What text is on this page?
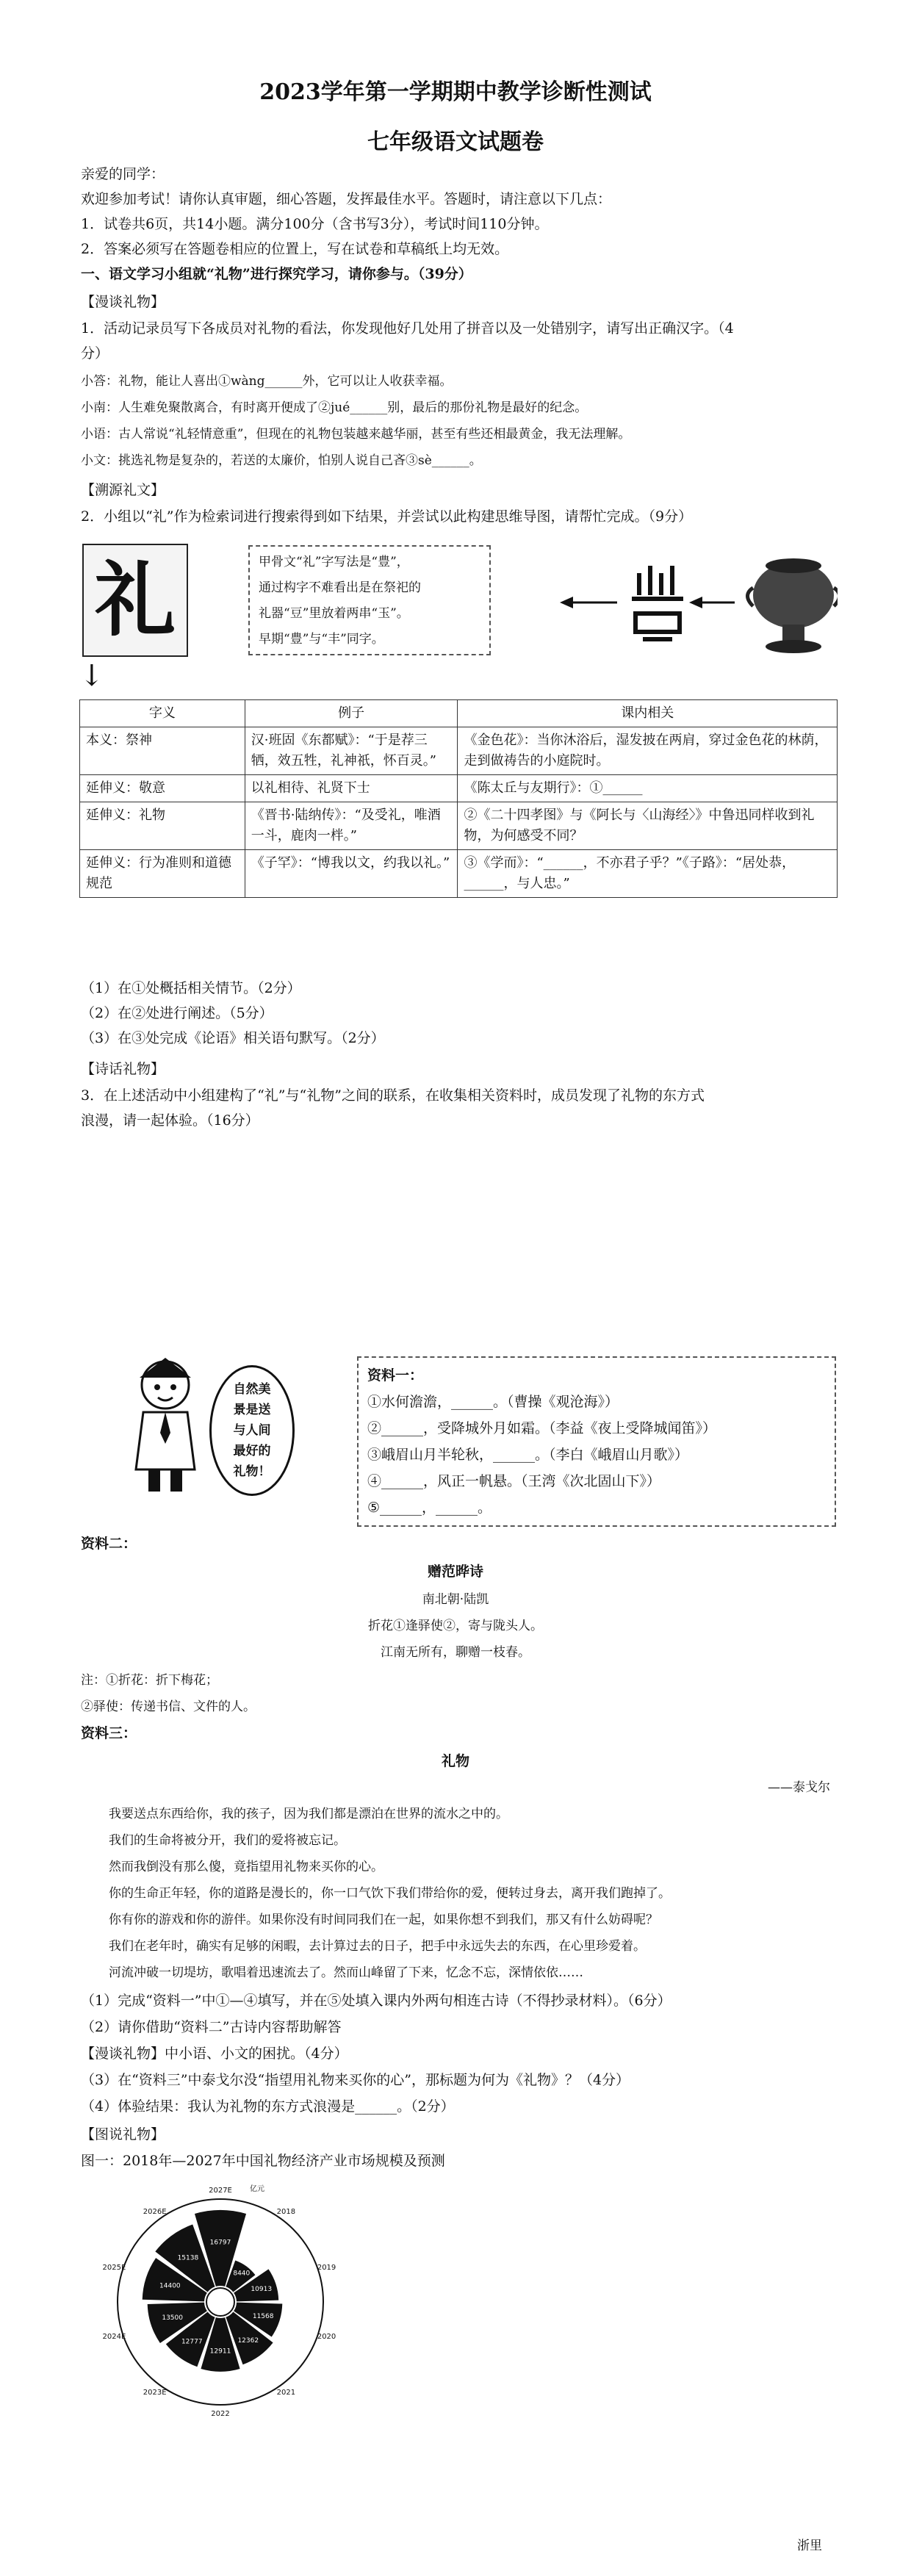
2023学年第一学期期中教学诊断性测试
七年级语文试题卷
亲爱的同学：
欢迎参加考试！请你认真审题，细心答题，发挥最佳水平。答题时，请注意以下几点：
1．试卷共6页，共14小题。满分100分（含书写3分），考试时间110分钟。
2．答案必须写在答题卷相应的位置上，写在试卷和草稿纸上均无效。
一、语文学习小组就“礼物”进行探究学习，请你参与。（39分）
【漫谈礼物】
1．活动记录员写下各成员对礼物的看法，你发现他好几处用了拼音以及一处错别字，请写出正确汉字。（4
分）
小答：礼物，能让人喜出①wàng______外，它可以让人收获幸福。
小南：人生难免聚散离合，有时离开便成了②jué______别，最后的那份礼物是最好的纪念。
小语：古人常说“礼轻情意重”，但现在的礼物包装越来越华丽，甚至有些还相最黄金，我无法理解。
小文：挑选礼物是复杂的，若送的太廉价，怕别人说自己吝③sè______。
【溯源礼文】
2．小组以“礼”作为检索词进行搜索得到如下结果，并尝试以此构建思维导图，请帮忙完成。（9分）
礼	甲骨文“礼”字写法是“豊”，
通过构字不难看出是在祭祀的
礼器“豆”里放着两串“玉”。
早期“豊”与“丰”同字。
↓
字义	例子	课内相关
本义：祭神	汉·班固《东都赋》：“于是荐三牺，效五牲，礼神祇，怀百灵。”	《金色花》：当你沐浴后，湿发披在两肩，穿过金色花的林荫，走到做祷告的小庭院时。
延伸义：敬意	以礼相待、礼贤下士	《陈太丘与友期行》：①______
延伸义：礼物	《晋书·陆纳传》：“及受礼，唯酒一斗，鹿肉一柈。”	②《二十四孝图》与《阿长与〈山海经〉》中鲁迅同样收到礼物，为何感受不同？
延伸义：行为准则和道德规范	《子罕》：“博我以文，约我以礼。”	③《学而》：“______，不亦君子乎？”《子路》：“居处恭，______，与人忠。”
（1）在①处概括相关情节。（2分）
（2）在②处进行阐述。（5分）
（3）在③处完成《论语》相关语句默写。（2分）
【诗话礼物】
3．在上述活动中小组建构了“礼”与“礼物”之间的联系，在收集相关资料时，成员发现了礼物的东方式
浪漫，请一起体验。（16分）
自然美
景是送
与人间
最好的
礼物！
资料一：
①水何澹澹，______。（曹操《观沧海》）
②______，受降城外月如霜。（李益《夜上受降城闻笛》）
③峨眉山月半轮秋，______。（李白《峨眉山月歌》）
④______，风正一帆悬。（王湾《次北固山下》）
⑤______，______。
资料二：
赠范晔诗
南北朝·陆凯
折花①逢驿使②，寄与陇头人。
江南无所有，聊赠一枝春。
注：①折花：折下梅花；
②驿使：传递书信、文件的人。
资料三：
礼物
——泰戈尔
我要送点东西给你，我的孩子，因为我们都是漂泊在世界的流水之中的。
我们的生命将被分开，我们的爱将被忘记。
然而我倒没有那么傻，竟指望用礼物来买你的心。
你的生命正年轻，你的道路是漫长的，你一口气饮下我们带给你的爱，便转过身去，离开我们跑掉了。
你有你的游戏和你的游伴。如果你没有时间同我们在一起，如果你想不到我们，那又有什么妨碍呢？
我们在老年时，确实有足够的闲暇，去计算过去的日子，把手中永远失去的东西，在心里珍爱着。
河流冲破一切堤坊，歌唱着迅速流去了。然而山峰留了下来，忆念不忘，深情依依……
（1）完成“资料一”中①—④填写，并在⑤处填入课内外两句相连古诗（不得抄录材料）。（6分）
（2）请你借助“资料二”古诗内容帮助解答
【漫谈礼物】中小语、小文的困扰。（4分）
（3）在“资料三”中泰戈尔没“指望用礼物来买你的心”，那标题为何为《礼物》？（4分）
（4）体验结果：我认为礼物的东方式浪漫是______。（2分）
【图说礼物】
图一：2018年—2027年中国礼物经济产业市场规模及预测
8440
2018
10913
2019
11568
2020
12362
2021
12911
2022
12777
2023E
13500
2024E
14400
2025E
15138
2026E
16797
2027E 亿元
浙里
